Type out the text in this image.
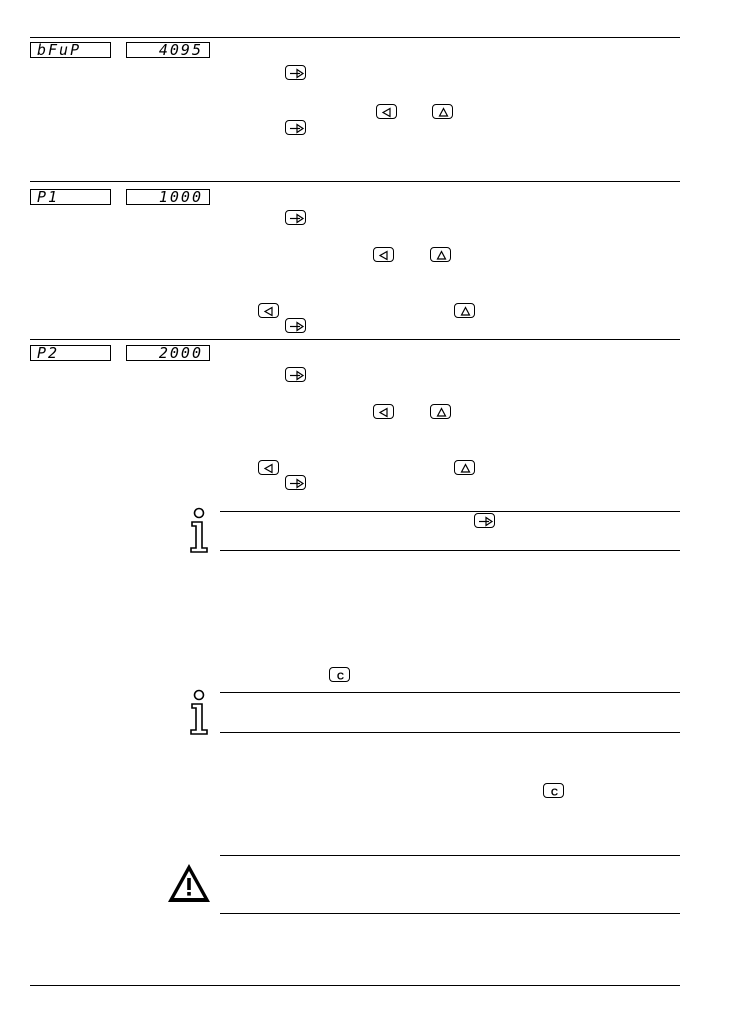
bFuP	4095
P1	1000
P2	2000
C
C
